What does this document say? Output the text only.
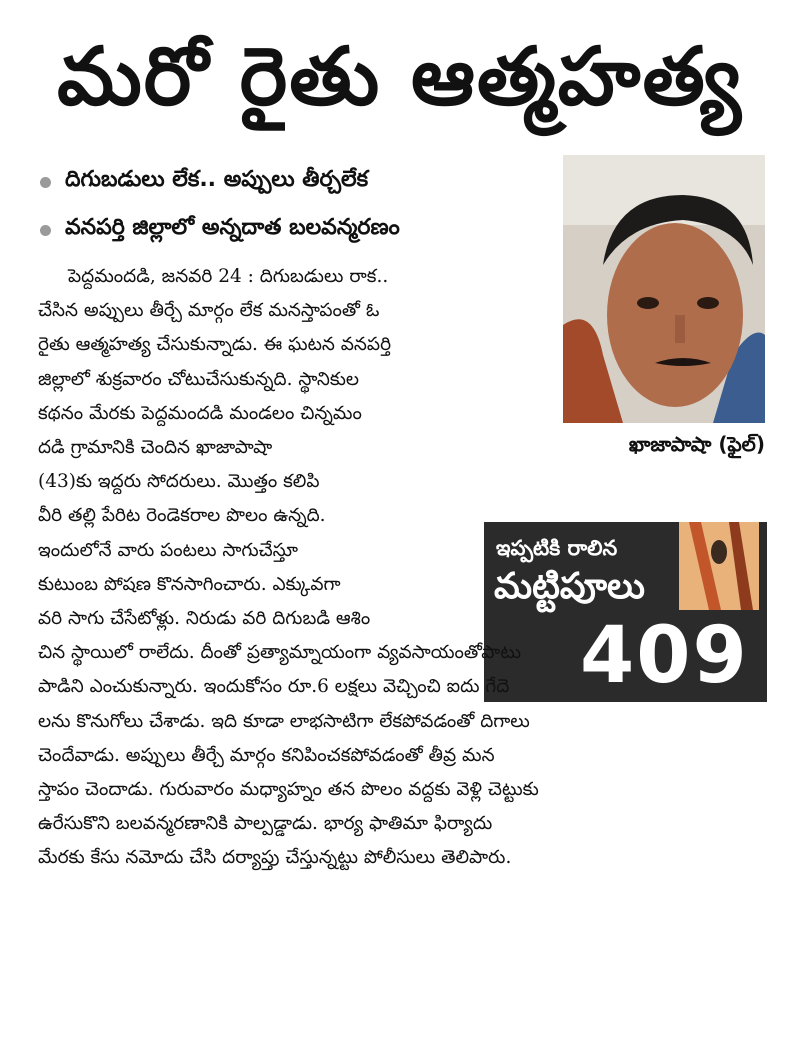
మరో రైతు ఆత్మహత్య
దిగుబడులు లేక.. అప్పులు తీర్చలేక
వనపర్తి జిల్లాలో అన్నదాత బలవన్మరణం
ఖాజాపాషా (ఫైల్)
ఇప్పటికి రాలిన
మట్టిపూలు
409
పెద్దమందడి, జనవరి 24 : దిగుబడులు రాక..
చేసిన అప్పులు తీర్చే మార్గం లేక మనస్తాపంతో ఓ
రైతు ఆత్మహత్య చేసుకున్నాడు. ఈ ఘటన వనపర్తి
జిల్లాలో శుక్రవారం చోటుచేసుకున్నది. స్థానికుల
కథనం మేరకు పెద్దమందడి మండలం చిన్నమం
దడి గ్రామానికి చెందిన ఖాజాపాషా
(43)కు ఇద్దరు సోదరులు. మొత్తం కలిపి
వీరి తల్లి పేరిట రెండెకరాల పొలం ఉన్నది.
ఇందులోనే వారు పంటలు సాగుచేస్తూ
కుటుంబ పోషణ కొనసాగించారు. ఎక్కువగా
వరి సాగు చేసేటోళ్లు. నిరుడు వరి దిగుబడి ఆశిం
చిన స్థాయిలో రాలేదు. దీంతో ప్రత్యామ్నాయంగా వ్యవసాయంతోపాటు
పాడిని ఎంచుకున్నారు. ఇందుకోసం రూ.6 లక్షలు వెచ్చించి ఐదు గేదె
లను కొనుగోలు చేశాడు. ఇది కూడా లాభసాటిగా లేకపోవడంతో దిగాలు
చెందేవాడు. అప్పులు తీర్చే మార్గం కనిపించకపోవడంతో తీవ్ర మన
స్తాపం చెందాడు. గురువారం మధ్యాహ్నం తన పొలం వద్దకు వెళ్లి చెట్టుకు
ఉరేసుకొని బలవన్మరణానికి పాల్పడ్డాడు. భార్య ఫాతిమా ఫిర్యాదు
మేరకు కేసు నమోదు చేసి దర్యాప్తు చేస్తున్నట్టు పోలీసులు తెలిపారు.
